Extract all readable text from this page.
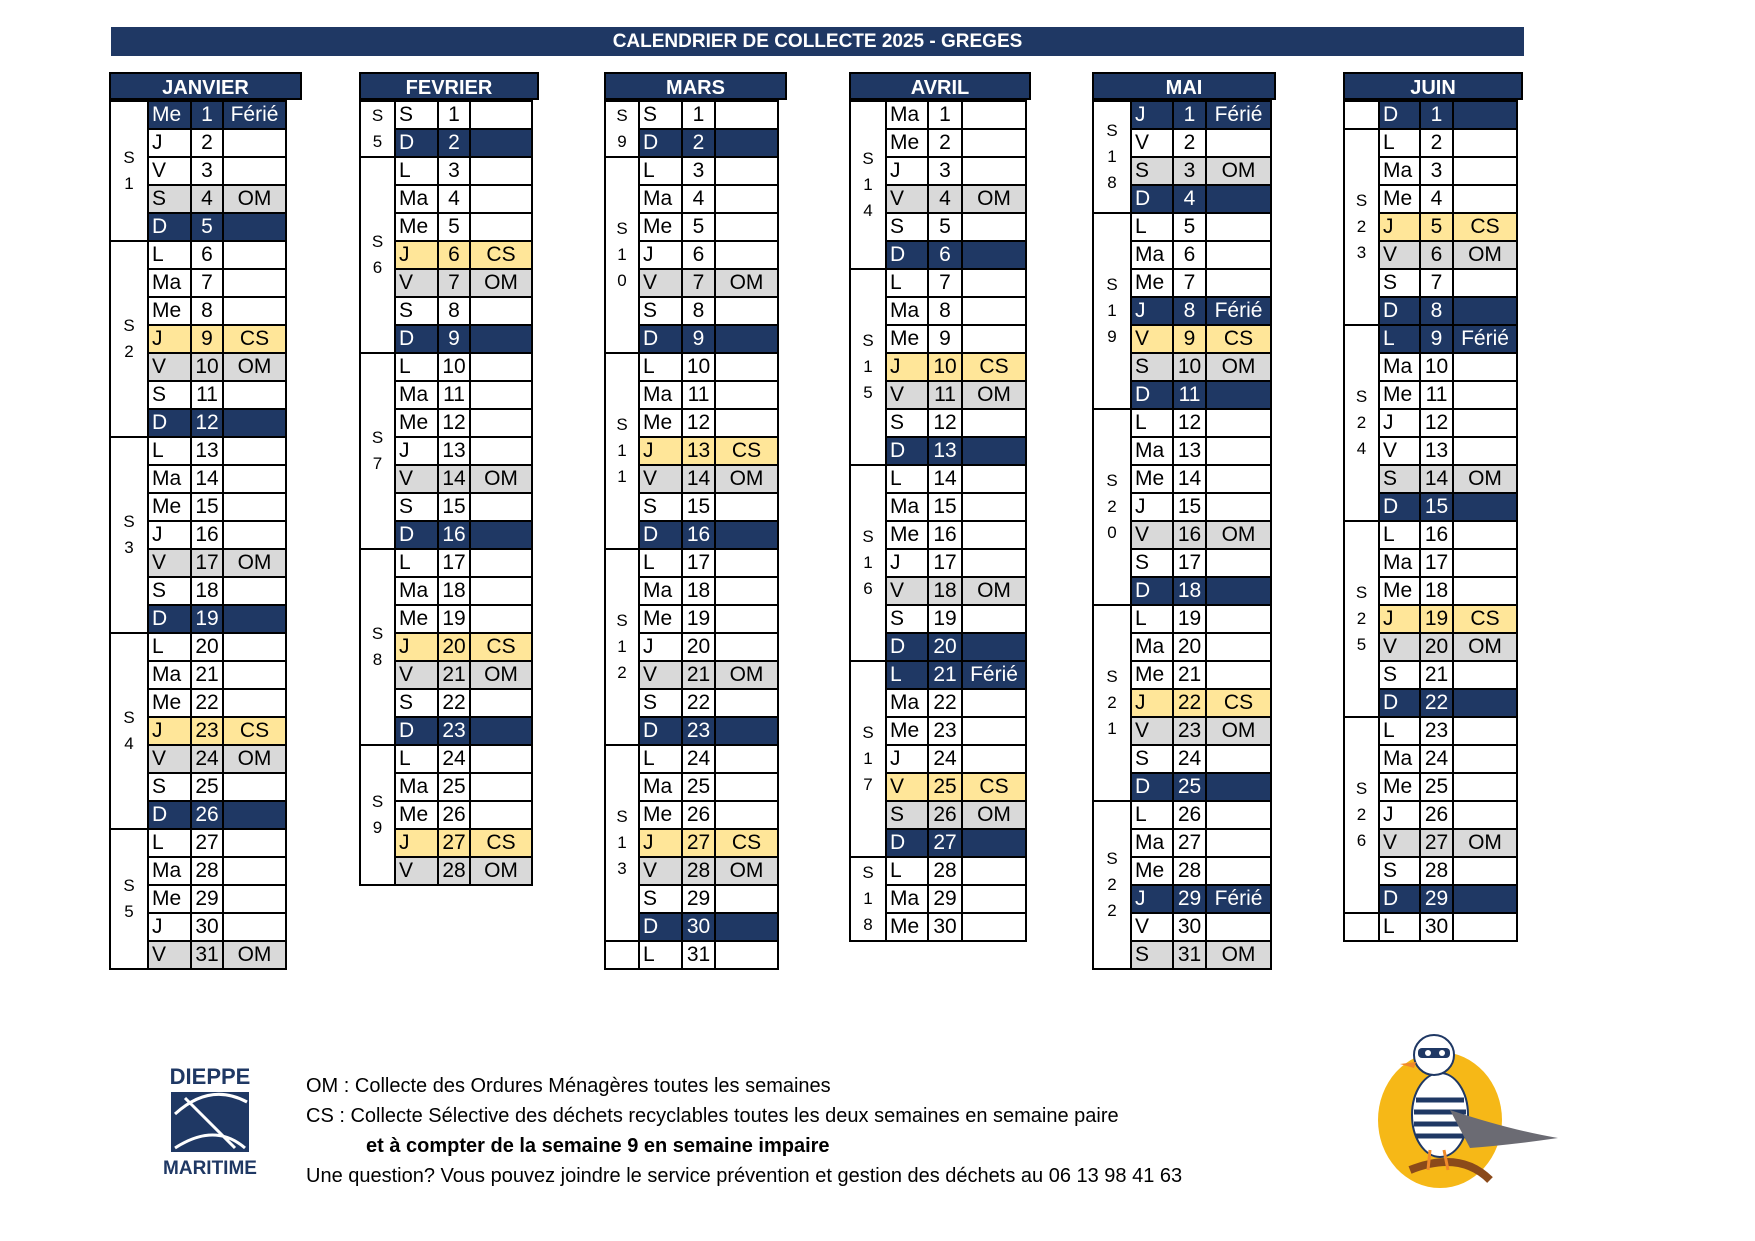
CALENDRIER DE COLLECTE 2025 - GREGES
JANVIER
S
1	Me	1	Férié
	J	2	
	V	3	
	S	4	OM
	D	5	

S
2	L	6	
	Ma	7	
	Me	8	
	J	9	CS
	V	10	OM
	S	11	
	D	12	

S
3	L	13	
	Ma	14	
	Me	15	
	J	16	
	V	17	OM
	S	18	
	D	19	

S
4	L	20	
	Ma	21	
	Me	22	
	J	23	CS
	V	24	OM
	S	25	
	D	26	

S
5	L	27	
	Ma	28	
	Me	29	
	J	30	
	V	31	OM
FEVRIER
S
5	S	1	
	D	2	

S
6	L	3	
	Ma	4	
	Me	5	
	J	6	CS
	V	7	OM
	S	8	
	D	9	

S
7	L	10	
	Ma	11	
	Me	12	
	J	13	
	V	14	OM
	S	15	
	D	16	

S
8	L	17	
	Ma	18	
	Me	19	
	J	20	CS
	V	21	OM
	S	22	
	D	23	

S
9	L	24	
	Ma	25	
	Me	26	
	J	27	CS
	V	28	OM
MARS
S
9	S	1	
	D	2	

S
1
0	L	3	
	Ma	4	
	Me	5	
	J	6	
	V	7	OM
	S	8	
	D	9	

S
1
1	L	10	
	Ma	11	
	Me	12	
	J	13	CS
	V	14	OM
	S	15	
	D	16	

S
1
2	L	17	
	Ma	18	
	Me	19	
	J	20	
	V	21	OM
	S	22	
	D	23	

S
1
3	L	24	
	Ma	25	
	Me	26	
	J	27	CS
	V	28	OM
	S	29	
	D	30	
	L	31	
AVRIL
S
1
4	Ma	1	
	Me	2	
	J	3	
	V	4	OM
	S	5	
	D	6	

S
1
5	L	7	
	Ma	8	
	Me	9	
	J	10	CS
	V	11	OM
	S	12	
	D	13	

S
1
6	L	14	
	Ma	15	
	Me	16	
	J	17	
	V	18	OM
	S	19	
	D	20	

S
1
7	L	21	Férié
	Ma	22	
	Me	23	
	J	24	
	V	25	CS
	S	26	OM
	D	27	

S
1
8	L	28	
	Ma	29	
	Me	30	
MAI
S
1
8	J	1	Férié
	V	2	
	S	3	OM
	D	4	

S
1
9	L	5	
	Ma	6	
	Me	7	
	J	8	Férié
	V	9	CS
	S	10	OM
	D	11	

S
2
0	L	12	
	Ma	13	
	Me	14	
	J	15	
	V	16	OM
	S	17	
	D	18	

S
2
1	L	19	
	Ma	20	
	Me	21	
	J	22	CS
	V	23	OM
	S	24	
	D	25	

S
2
2	L	26	
	Ma	27	
	Me	28	
	J	29	Férié
	V	30	
	S	31	OM
JUIN
	D	1	

S
2
3	L	2	
	Ma	3	
	Me	4	
	J	5	CS
	V	6	OM
	S	7	
	D	8	

S
2
4	L	9	Férié
	Ma	10	
	Me	11	
	J	12	
	V	13	
	S	14	OM
	D	15	

S
2
5	L	16	
	Ma	17	
	Me	18	
	J	19	CS
	V	20	OM
	S	21	
	D	22	

S
2
6	L	23	
	Ma	24	
	Me	25	
	J	26	
	V	27	OM
	S	28	
	D	29	
	L	30	
DIEPPE
MARITIME
OM : Collecte des Ordures Ménagères toutes les semaines
CS : Collecte Sélective des déchets recyclables toutes les deux semaines en semaine paire
et à compter de la semaine 9 en semaine impaire
Une question? Vous pouvez joindre le service prévention et gestion des déchets au 06 13 98 41 63
